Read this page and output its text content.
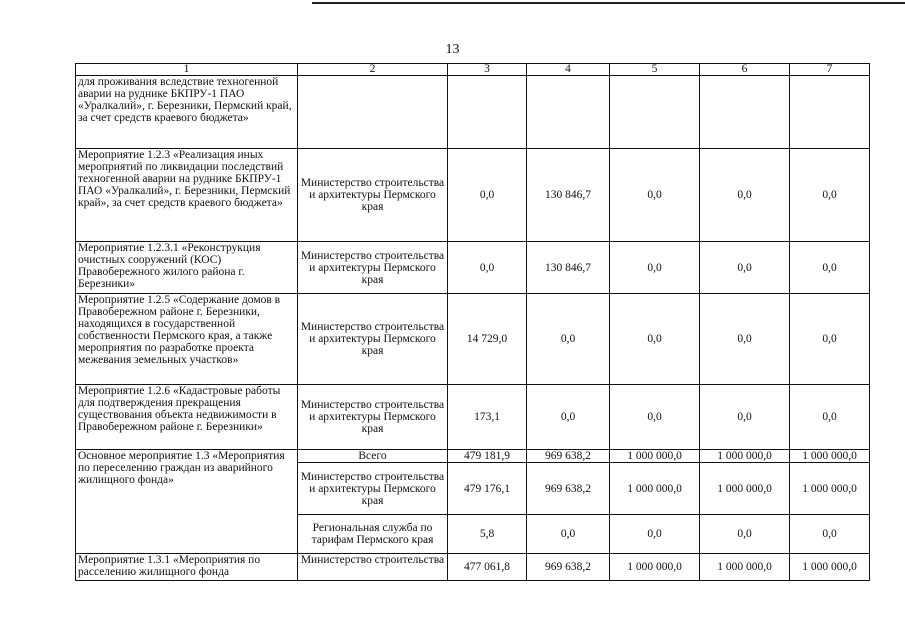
13
1	2	3	4	5	6	7
для проживания вследствие техногенной аварии на руднике БКПРУ-1 ПАО «Уралкалий», г. Березники, Пермский край, за счет средств краевого бюджета»						
Мероприятие 1.2.3 «Реализация иных мероприятий по ликвидации последствий техногенной аварии на руднике БКПРУ-1 ПАО «Уралкалий», г. Березники, Пермский край», за счет средств краевого бюджета»	Министерство строительства и архитектуры Пермского края	0,0	130 846,7	0,0	0,0	0,0
Мероприятие 1.2.3.1 «Реконструкция очистных сооружений (КОС) Правобережного жилого района г. Березники»	Министерство строительства и архитектуры Пермского края	0,0	130 846,7	0,0	0,0	0,0
Мероприятие 1.2.5 «Содержание домов в Правобережном районе г. Березники, находящихся в государственной собственности Пермского края, а также мероприятия по разработке проекта межевания земельных участков»	Министерство строительства и архитектуры Пермского края	14 729,0	0,0	0,0	0,0	0,0
Мероприятие 1.2.6 «Кадастровые работы для подтверждения прекращения существования объекта недвижимости в Правобережном районе г. Березники»	Министерство строительства и архитектуры Пермского края	173,1	0,0	0,0	0,0	0,0
Основное мероприятие 1.3 «Мероприятия по переселению граждан из аварийного жилищного фонда»	Всего	479 181,9	969 638,2	1 000 000,0	1 000 000,0	1 000 000,0
	Министерство строительства и архитектуры Пермского края	479 176,1	969 638,2	1 000 000,0	1 000 000,0	1 000 000,0
	Региональная служба по тарифам Пермского края	5,8	0,0	0,0	0,0	0,0
Мероприятие 1.3.1 «Мероприятия по расселению жилищного фонда	Министерство строительства	477 061,8	969 638,2	1 000 000,0	1 000 000,0	1 000 000,0
